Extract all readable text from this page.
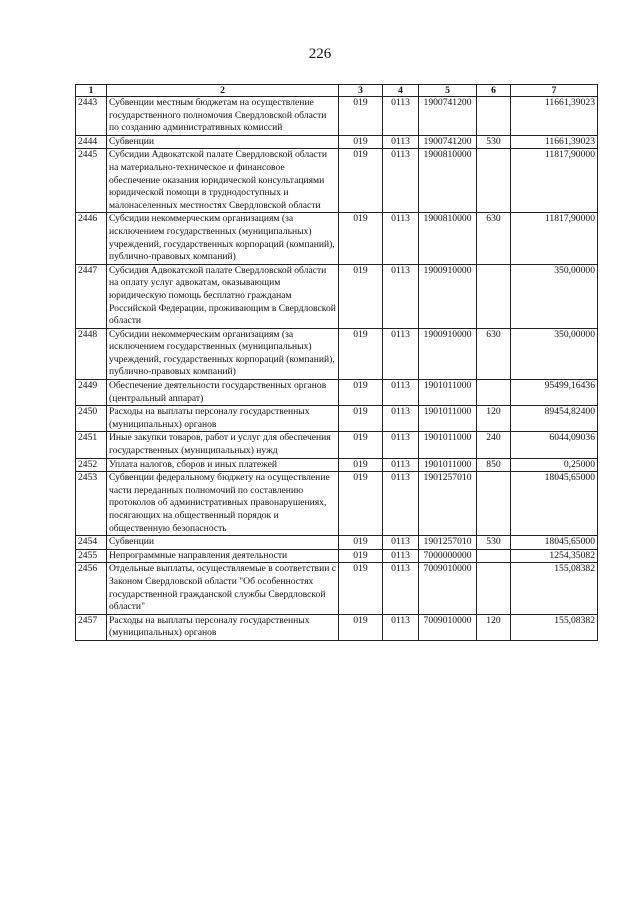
226
1	2	3	4	5	6	7
2443	Субвенции местным бюджетам на осуществление государственного полномочия Свердловской области по созданию административных комиссий	019	0113	1900741200		11661,39023
2444	Субвенции	019	0113	1900741200	530	11661,39023
2445	Субсидии Адвокатской палате Свердловской области на материально-техническое и финансовое обеспечение оказания юридической консультациями юридической помощи в труднодоступных и малонаселенных местностях Свердловской области	019	0113	1900810000		11817,90000
2446	Субсидии некоммерческим организациям (за исключением государственных (муниципальных) учреждений, государственных корпораций (компаний), публично-правовых компаний)	019	0113	1900810000	630	11817,90000
2447	Субсидия Адвокатской палате Свердловской области на оплату услуг адвокатам, оказывающим юридическую помощь бесплатно гражданам Российской Федерации, проживающим в Свердловской области	019	0113	1900910000		350,00000
2448	Субсидии некоммерческим организациям (за исключением государственных (муниципальных) учреждений, государственных корпораций (компаний), публично-правовых компаний)	019	0113	1900910000	630	350,00000
2449	Обеспечение деятельности государственных органов (центральный аппарат)	019	0113	1901011000		95499,16436
2450	Расходы на выплаты персоналу государственных (муниципальных) органов	019	0113	1901011000	120	89454,82400
2451	Иные закупки товаров, работ и услуг для обеспечения государственных (муниципальных) нужд	019	0113	1901011000	240	6044,09036
2452	Уплата налогов, сборов и иных платежей	019	0113	1901011000	850	0,25000
2453	Субвенции федеральному бюджету на осуществление части переданных полномочий по составлению протоколов об административных правонарушениях, посягающих на общественный порядок и общественную безопасность	019	0113	1901257010		18045,65000
2454	Субвенции	019	0113	1901257010	530	18045,65000
2455	Непрограммные направления деятельности	019	0113	7000000000		1254,35082
2456	Отдельные выплаты, осуществляемые в соответствии с Законом Свердловской области "Об особенностях государственной гражданской службы Свердловской области"	019	0113	7009010000		155,08382
2457	Расходы на выплаты персоналу государственных (муниципальных) органов	019	0113	7009010000	120	155,08382
